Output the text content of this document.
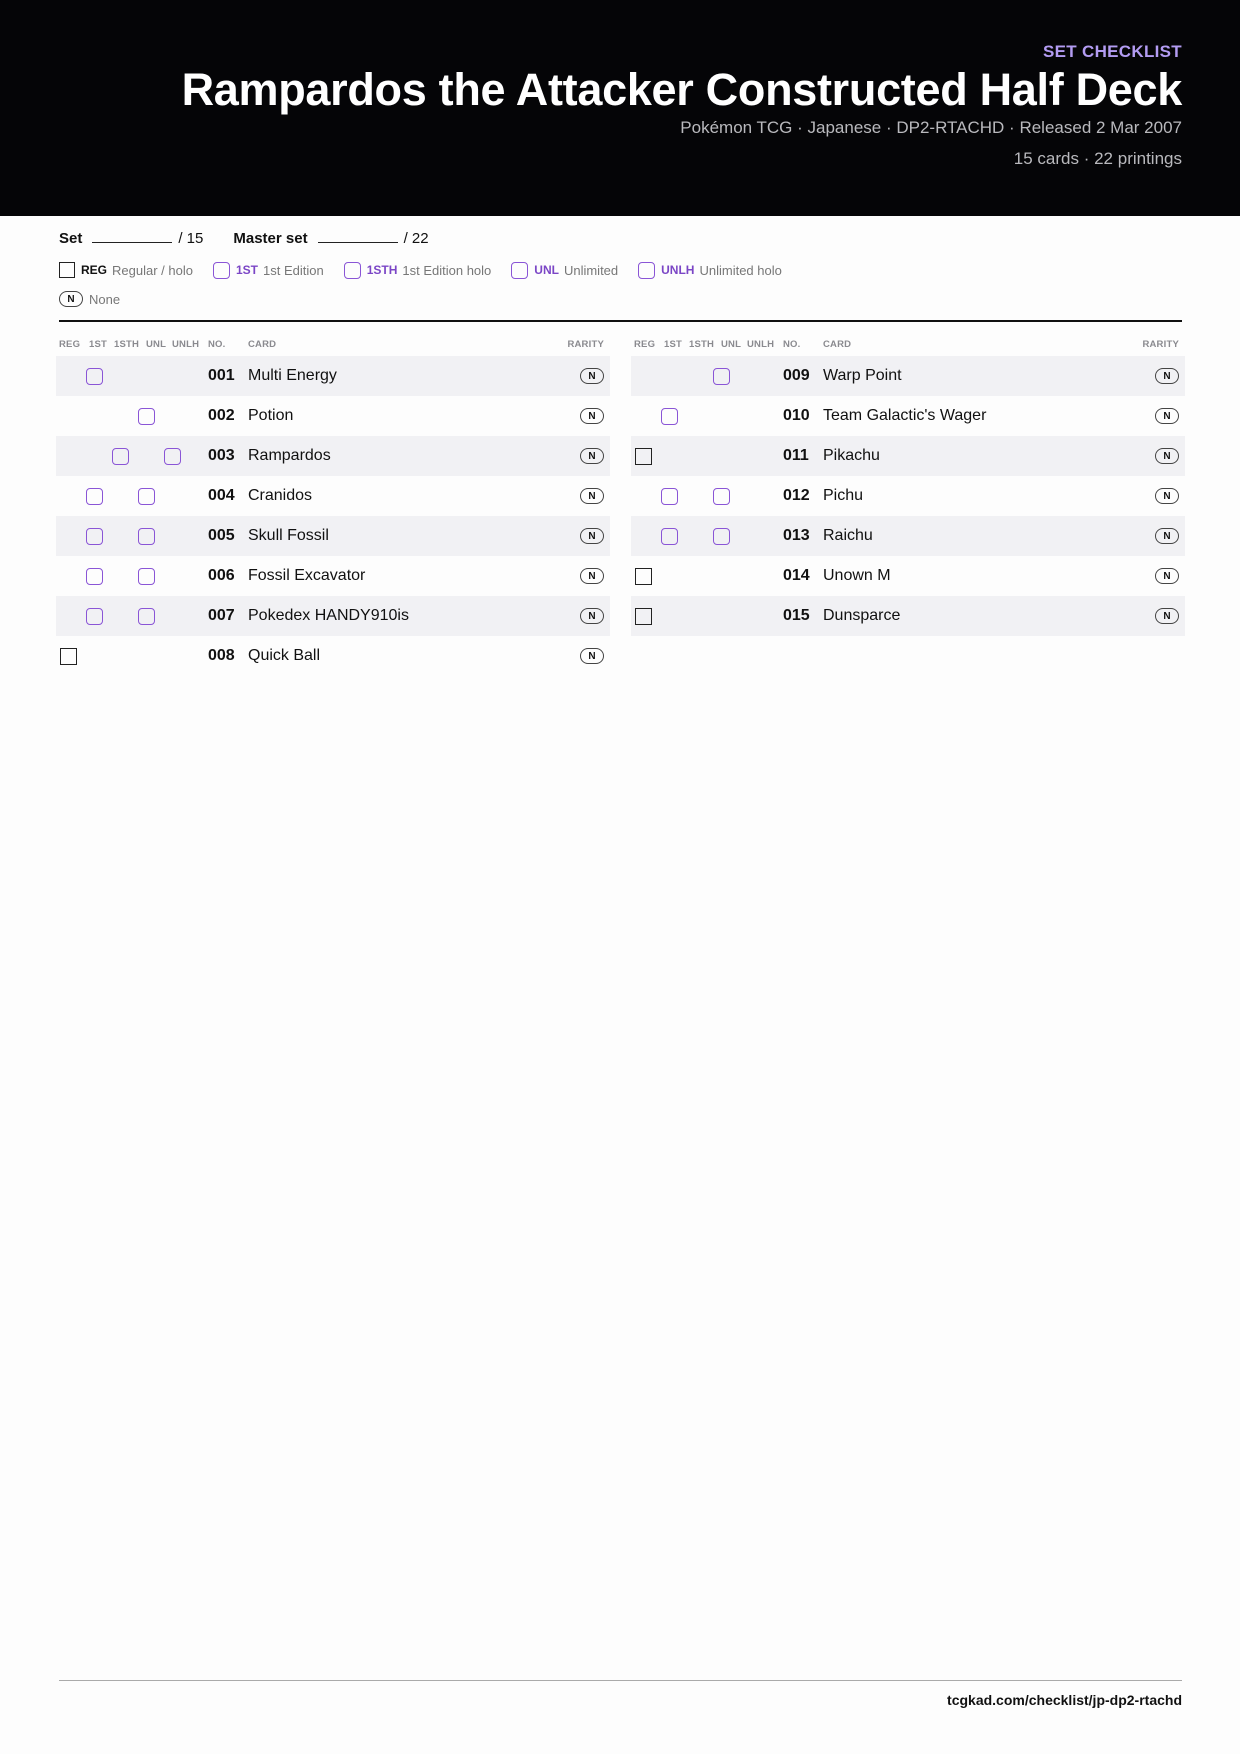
SET CHECKLIST
Rampardos the Attacker Constructed Half Deck
Pokémon TCG · Japanese · DP2-RTACHD · Released 2 Mar 2007
15 cards · 22 printings
Set	/ 15 Master set	/ 22
REG Regular / holo	1ST 1st Edition	1STH 1st Edition holo	UNL Unlimited	UNLH Unlimited holo
N	None
REG 1ST 1STH UNL UNLH NO. CARD	RARITY
001 Multi Energy	N
002 Potion	N
003 Rampardos	N
004 Cranidos	N
005 Skull Fossil	N
006 Fossil Excavator	N
007 Pokedex HANDY910is	N
008 Quick Ball	N
REG 1ST 1STH UNL UNLH NO. CARD	RARITY
009 Warp Point	N
010 Team Galactic's Wager	N
011 Pikachu	N
012 Pichu	N
013 Raichu	N
014 Unown M	N
015 Dunsparce	N
tcgkad.com/checklist/jp-dp2-rtachd
